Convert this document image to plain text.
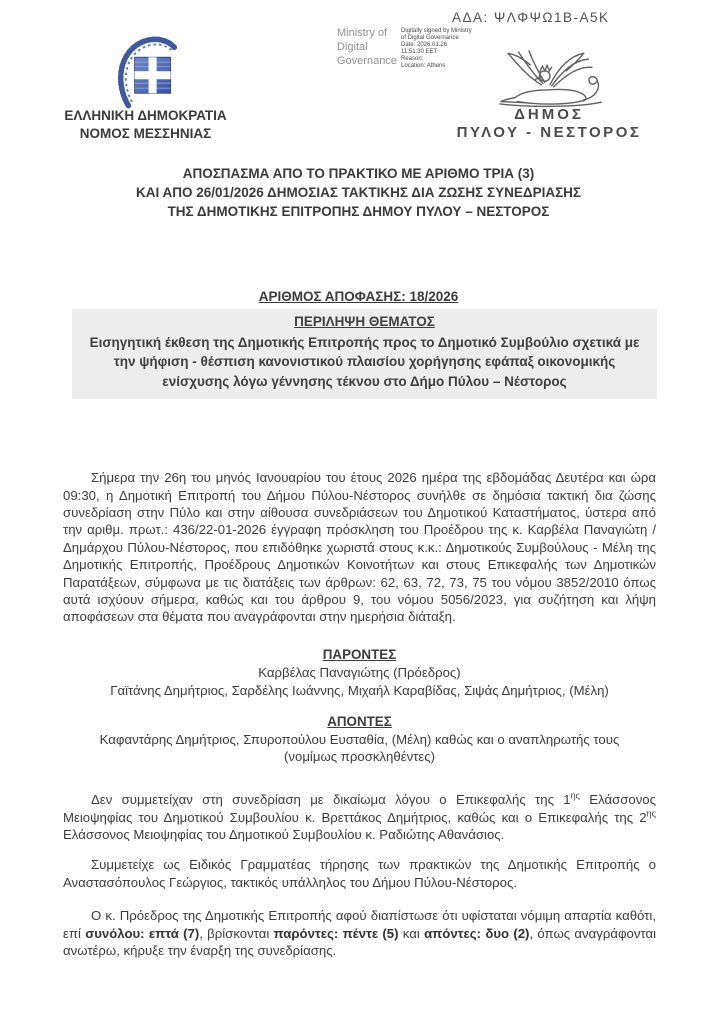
ΑΔΑ: ΨΛΦΨΩ1Β-Α5Κ
ΕΛΛΗΝΙΚΗ ΔΗΜΟΚΡΑΤΙΑ
ΝΟΜΟΣ ΜΕΣΣΗΝΙΑΣ
Ministry of
Digital
Governance
Digitally signed by Ministry
of Digital Governance
Date: 2026.01.26
11:51:30 EET
Reason:
Location: Athens
ΔΗΜΟΣ
ΠΥΛΟΥ - ΝΕΣΤΟΡΟΣ
ΑΠΟΣΠΑΣΜΑ ΑΠΟ ΤΟ ΠΡΑΚΤΙΚΟ ΜΕ ΑΡΙΘΜΟ ΤΡΙΑ (3)
ΚΑΙ ΑΠΟ 26/01/2026 ΔΗΜΟΣΙΑΣ ΤΑΚΤΙΚΗΣ ΔΙΑ ΖΩΣΗΣ ΣΥΝΕΔΡΙΑΣΗΣ
ΤΗΣ ΔΗΜΟΤΙΚΗΣ ΕΠΙΤΡΟΠΗΣ ΔΗΜΟΥ ΠΥΛΟΥ – ΝΕΣΤΟΡΟΣ
ΑΡΙΘΜΟΣ ΑΠΟΦΑΣΗΣ: 18/2026
ΠΕΡΙΛΗΨΗ ΘΕΜΑΤΟΣ
Εισηγητική έκθεση της Δημοτικής Επιτροπής προς το Δημοτικό Συμβούλιο σχετικά με την ψήφιση - θέσπιση κανονιστικού πλαισίου χορήγησης εφάπαξ οικονομικής ενίσχυσης λόγω γέννησης τέκνου στο Δήμο Πύλου – Νέστορος

Σήμερα την 26η του μηνός Ιανουαρίου του έτους 2026 ημέρα της εβδομάδας Δευτέρα και ώρα 09:30, η Δημοτική Επιτροπή του Δήμου Πύλου-Νέστορος συνήλθε σε δημόσια τακτική δια ζώσης συνεδρίαση στην Πύλο και στην αίθουσα συνεδριάσεων του Δημοτικού Καταστήματος, ύστερα από την αριθμ. πρωτ.: 436/22-01-2026 έγγραφη πρόσκληση του Προέδρου της κ. Καρβέλα Παναγιώτη / Δημάρχου Πύλου-Νέστορος, που επιδόθηκε χωριστά στους κ.κ.: Δημοτικούς Συμβούλους - Μέλη της Δημοτικής Επιτροπής, Προέδρους Δημοτικών Κοινοτήτων και στους Επικεφαλής των Δημοτικών Παρατάξεων, σύμφωνα με τις διατάξεις των άρθρων: 62, 63, 72, 73, 75 του νόμου 3852/2010 όπως αυτά ισχύουν σήμερα, καθώς και του άρθρου 9, του νόμου 5056/2023, για συζήτηση και λήψη αποφάσεων στα θέματα που αναγράφονται στην ημερήσια διάταξη.

ΠΑΡΟΝΤΕΣ
Καρβέλας Παναγιώτης (Πρόεδρος)
Γαϊτάνης Δημήτριος, Σαρδέλης Ιωάννης, Μιχαήλ Καραβίδας, Σιψάς Δημήτριος, (Μέλη)
ΑΠΟΝΤΕΣ
Καφαντάρης Δημήτριος, Σπυροπούλου Ευσταθία, (Μέλη) καθώς και ο αναπληρωτής τους
(νομίμως προσκληθέντες)

Δεν συμμετείχαν στη συνεδρίαση με δικαίωμα λόγου ο Επικεφαλής της $1^{\eta\varsigma}$ Ελάσσονος Μειοψηφίας του Δημοτικού Συμβουλίου κ. Βρεττάκος Δημήτριος, καθώς και ο Επικεφαλής της $2^{\eta\varsigma}$ Ελάσσονος Μειοψηφίας του Δημοτικού Συμβουλίου κ. Ραδιώτης Αθανάσιος.

Συμμετείχε ως Ειδικός Γραμματέας τήρησης των πρακτικών της Δημοτικής Επιτροπής ο Αναστασόπουλος Γεώργιος, τακτικός υπάλληλος του Δήμου Πύλου-Νέστορος.

Ο κ. Πρόεδρος της Δημοτικής Επιτροπής αφού διαπίστωσε ότι υφίσταται νόμιμη απαρτία καθότι, επί συνόλου: επτά (7), βρίσκονται παρόντες: πέντε (5) και απόντες: δυο (2), όπως αναγράφονται ανωτέρω, κήρυξε την έναρξη της συνεδρίασης.
